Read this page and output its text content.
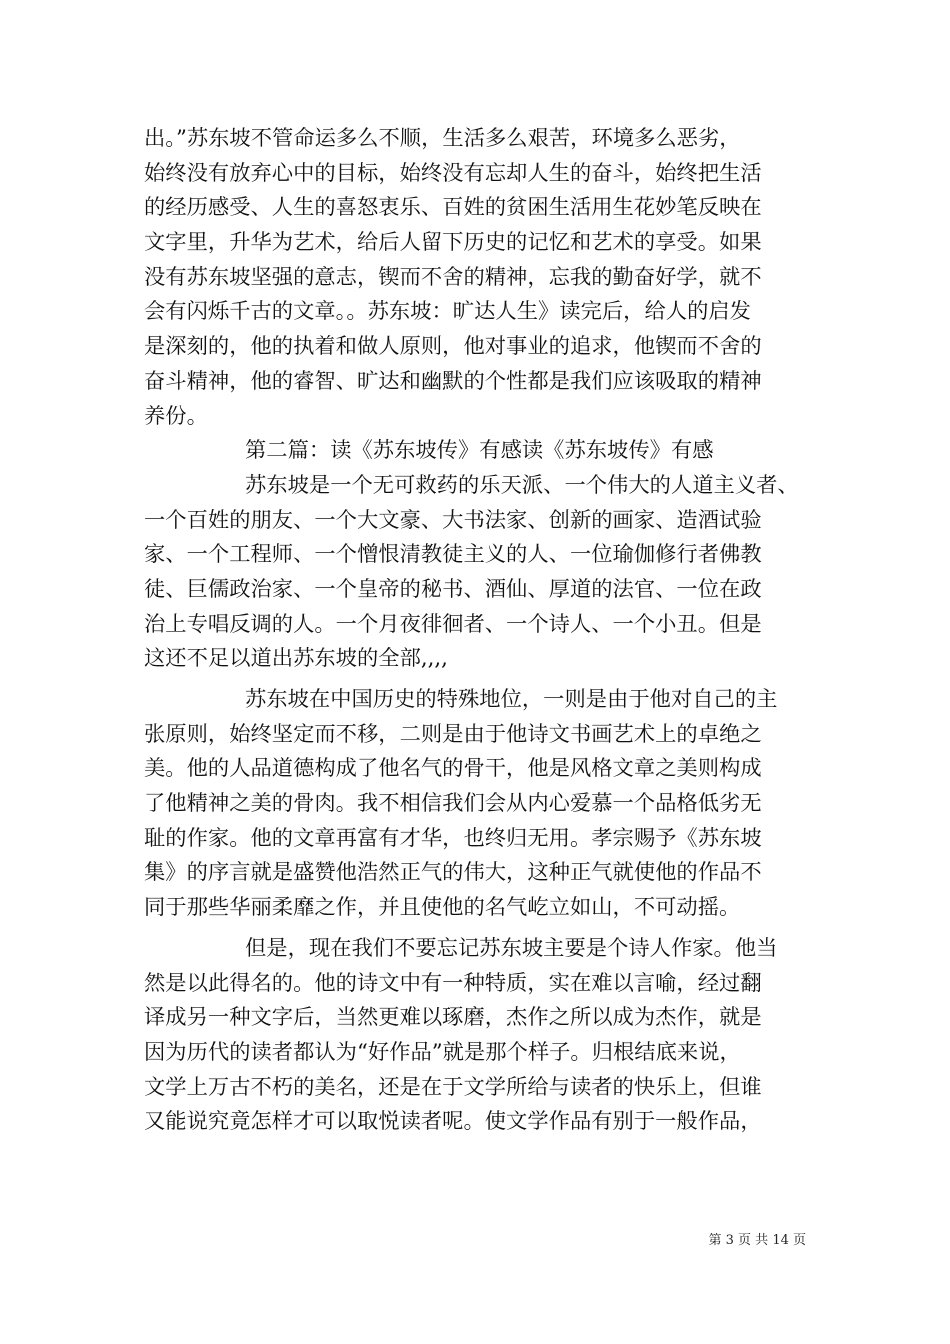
出。”苏东坡不管命运多么不顺，生活多么艰苦，环境多么恶劣，
始终没有放弃心中的目标，始终没有忘却人生的奋斗，始终把生活
的经历感受、人生的喜怒衷乐、百姓的贫困生活用生花妙笔反映在
文字里，升华为艺术，给后人留下历史的记忆和艺术的享受。如果
没有苏东坡坚强的意志，锲而不舍的精神，忘我的勤奋好学，就不
会有闪烁千古的文章。。苏东坡：旷达人生》读完后，给人的启发
是深刻的，他的执着和做人原则，他对事业的追求，他锲而不舍的
奋斗精神，他的睿智、旷达和幽默的个性都是我们应该吸取的精神
养份。
第二篇：读《苏东坡传》有感读《苏东坡传》有感
苏东坡是一个无可救药的乐天派、一个伟大的人道主义者、
一个百姓的朋友、一个大文豪、大书法家、创新的画家、造酒试验
家、一个工程师、一个憎恨清教徒主义的人、一位瑜伽修行者佛教
徒、巨儒政治家、一个皇帝的秘书、酒仙、厚道的法官、一位在政
治上专唱反调的人。一个月夜徘徊者、一个诗人、一个小丑。但是
这还不足以道出苏东坡的全部,,,,
苏东坡在中国历史的特殊地位，一则是由于他对自己的主
张原则，始终坚定而不移，二则是由于他诗文书画艺术上的卓绝之
美。他的人品道德构成了他名气的骨干，他是风格文章之美则构成
了他精神之美的骨肉。我不相信我们会从内心爱慕一个品格低劣无
耻的作家。他的文章再富有才华，也终归无用。孝宗赐予《苏东坡
集》的序言就是盛赞他浩然正气的伟大，这种正气就使他的作品不
同于那些华丽柔靡之作，并且使他的名气屹立如山，不可动摇。
但是，现在我们不要忘记苏东坡主要是个诗人作家。他当
然是以此得名的。他的诗文中有一种特质，实在难以言喻，经过翻
译成另一种文字后，当然更难以琢磨，杰作之所以成为杰作，就是
因为历代的读者都认为“好作品”就是那个样子。归根结底来说，
文学上万古不朽的美名，还是在于文学所给与读者的快乐上，但谁
又能说究竟怎样才可以取悦读者呢。使文学作品有别于一般作品，
第 3 页 共 14 页
